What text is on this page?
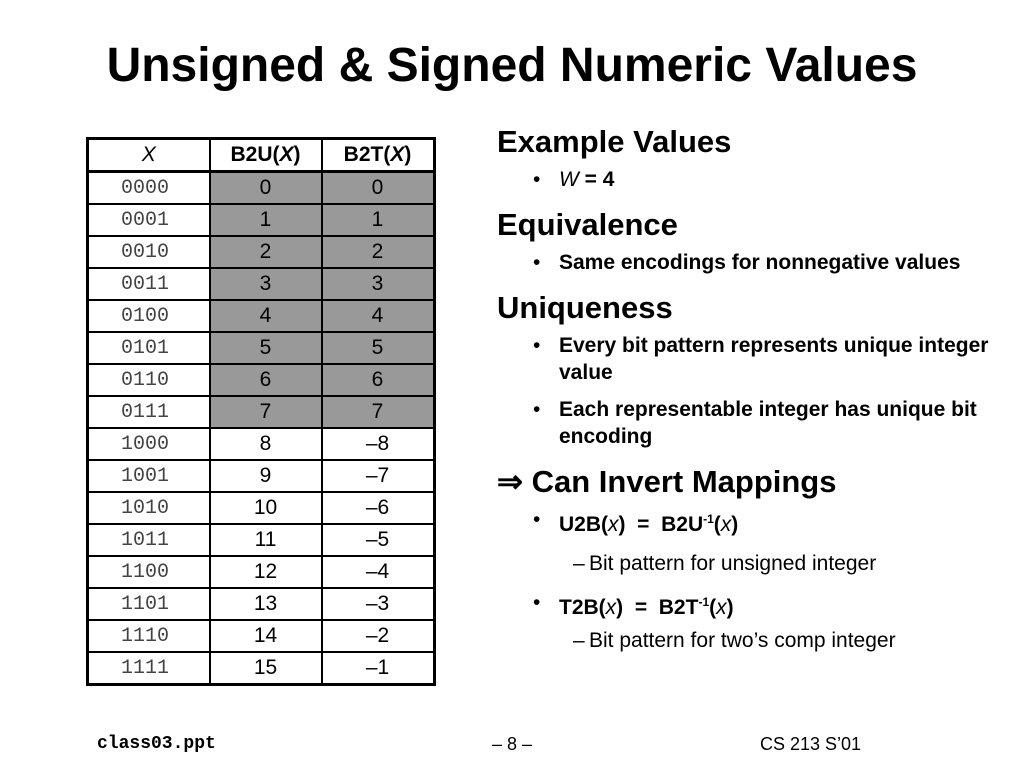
Unsigned & Signed Numeric Values
X	B2U(X)	B2T(X)
0000	0	0
0001	1	1
0010	2	2
0011	3	3
0100	4	4
0101	5	5
0110	6	6
0111	7	7
1000	8	–8
1001	9	–7
1010	10	–6
1011	11	–5
1100	12	–4
1101	13	–3
1110	14	–2
1111	15	–1
Example Values
• W = 4
Equivalence
• Same encodings for nonnegative values
Uniqueness
• Every bit pattern represents unique integer value
• Each representable integer has unique bit encoding
⇒ Can Invert Mappings
• $U2B(x) = B2U^{-1}(x)$
– Bit pattern for unsigned integer
• $T2B(x) = B2T^{-1}(x)$
– Bit pattern for two’s comp integer
class03.ppt	– 8 –	CS 213 S’01
